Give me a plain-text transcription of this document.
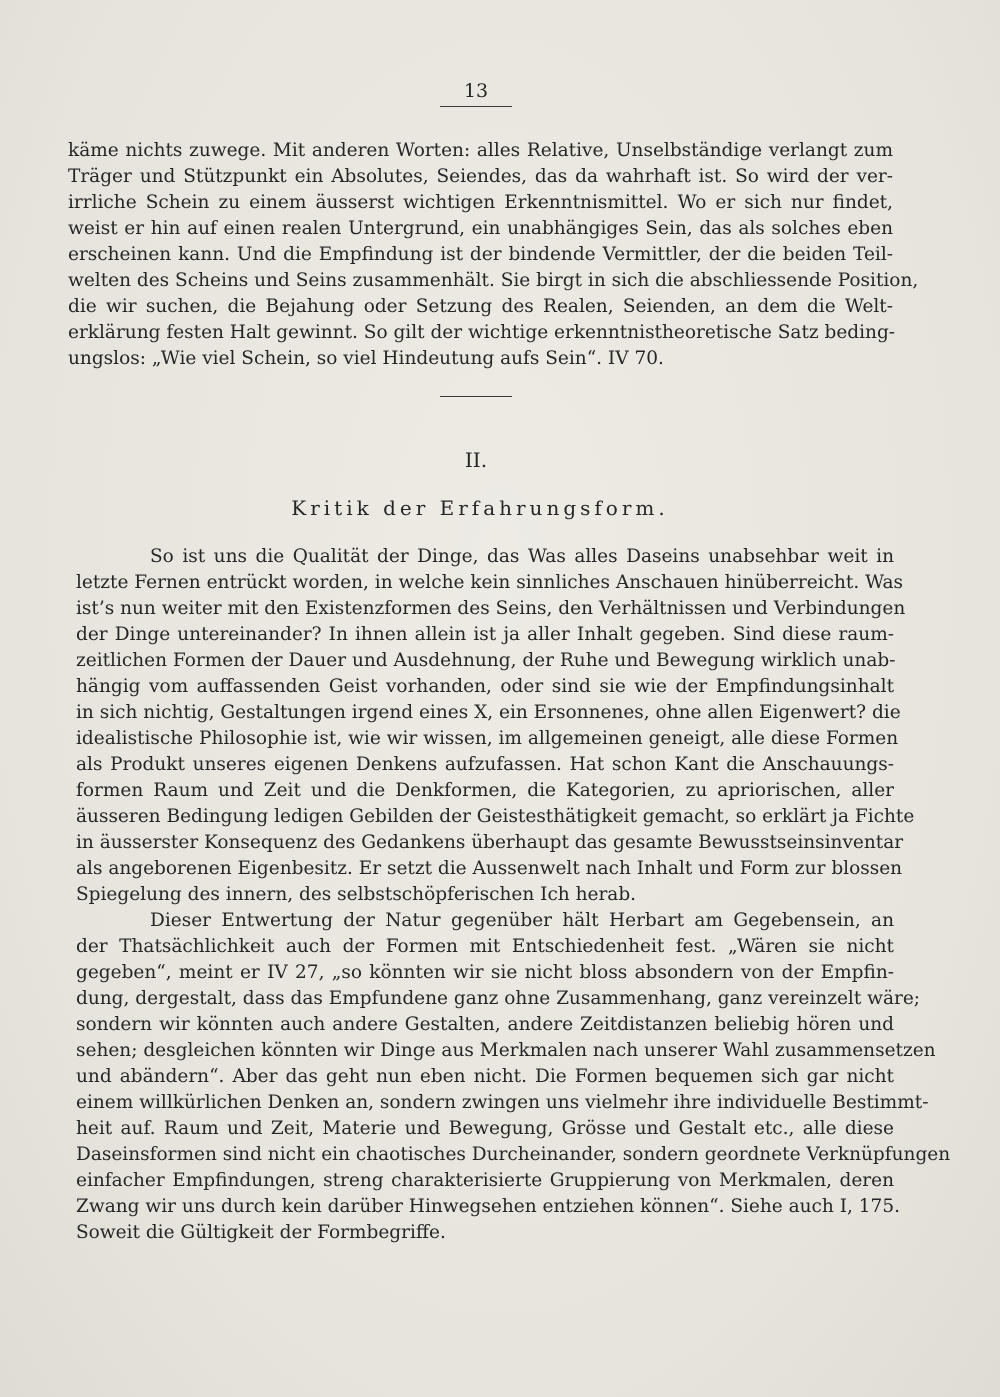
13
käme nichts zuwege. Mit anderen Worten: alles Relative, Unselbständige verlangt zum
Träger und Stützpunkt ein Absolutes, Seiendes, das da wahrhaft ist. So wird der ver-
irrliche Schein zu einem äusserst wichtigen Erkenntnismittel. Wo er sich nur findet,
weist er hin auf einen realen Untergrund, ein unabhängiges Sein, das als solches eben
erscheinen kann. Und die Empfindung ist der bindende Vermittler, der die beiden Teil-
welten des Scheins und Seins zusammenhält. Sie birgt in sich die abschliessende Position,
die wir suchen, die Bejahung oder Setzung des Realen, Seienden, an dem die Welt-
erklärung festen Halt gewinnt. So gilt der wichtige erkenntnistheoretische Satz beding-
ungslos: „Wie viel Schein, so viel Hindeutung aufs Sein“. IV 70.
II.
Kritik der Erfahrungsform.
So ist uns die Qualität der Dinge, das Was alles Daseins unabsehbar weit in
letzte Fernen entrückt worden, in welche kein sinnliches Anschauen hinüberreicht. Was
ist’s nun weiter mit den Existenzformen des Seins, den Verhältnissen und Verbindungen
der Dinge untereinander? In ihnen allein ist ja aller Inhalt gegeben. Sind diese raum-
zeitlichen Formen der Dauer und Ausdehnung, der Ruhe und Bewegung wirklich unab-
hängig vom auffassenden Geist vorhanden, oder sind sie wie der Empfindungsinhalt
in sich nichtig, Gestaltungen irgend eines X, ein Ersonnenes, ohne allen Eigenwert? die
idealistische Philosophie ist, wie wir wissen, im allgemeinen geneigt, alle diese Formen
als Produkt unseres eigenen Denkens aufzufassen. Hat schon Kant die Anschauungs-
formen Raum und Zeit und die Denkformen, die Kategorien, zu apriorischen, aller
äusseren Bedingung ledigen Gebilden der Geistesthätigkeit gemacht, so erklärt ja Fichte
in äusserster Konsequenz des Gedankens überhaupt das gesamte Bewusstseinsinventar
als angeborenen Eigenbesitz. Er setzt die Aussenwelt nach Inhalt und Form zur blossen
Spiegelung des innern, des selbstschöpferischen Ich herab.
Dieser Entwertung der Natur gegenüber hält Herbart am Gegebensein, an
der Thatsächlichkeit auch der Formen mit Entschiedenheit fest. „Wären sie nicht
gegeben“, meint er IV 27, „so könnten wir sie nicht bloss absondern von der Empfin-
dung, dergestalt, dass das Empfundene ganz ohne Zusammenhang, ganz vereinzelt wäre;
sondern wir könnten auch andere Gestalten, andere Zeitdistanzen beliebig hören und
sehen; desgleichen könnten wir Dinge aus Merkmalen nach unserer Wahl zusammensetzen
und abändern“. Aber das geht nun eben nicht. Die Formen bequemen sich gar nicht
einem willkürlichen Denken an, sondern zwingen uns vielmehr ihre individuelle Bestimmt-
heit auf. Raum und Zeit, Materie und Bewegung, Grösse und Gestalt etc., alle diese
Daseinsformen sind nicht ein chaotisches Durcheinander, sondern geordnete Verknüpfungen
einfacher Empfindungen, streng charakterisierte Gruppierung von Merkmalen, deren
Zwang wir uns durch kein darüber Hinwegsehen entziehen können“. Siehe auch I, 175.
Soweit die Gültigkeit der Formbegriffe.
